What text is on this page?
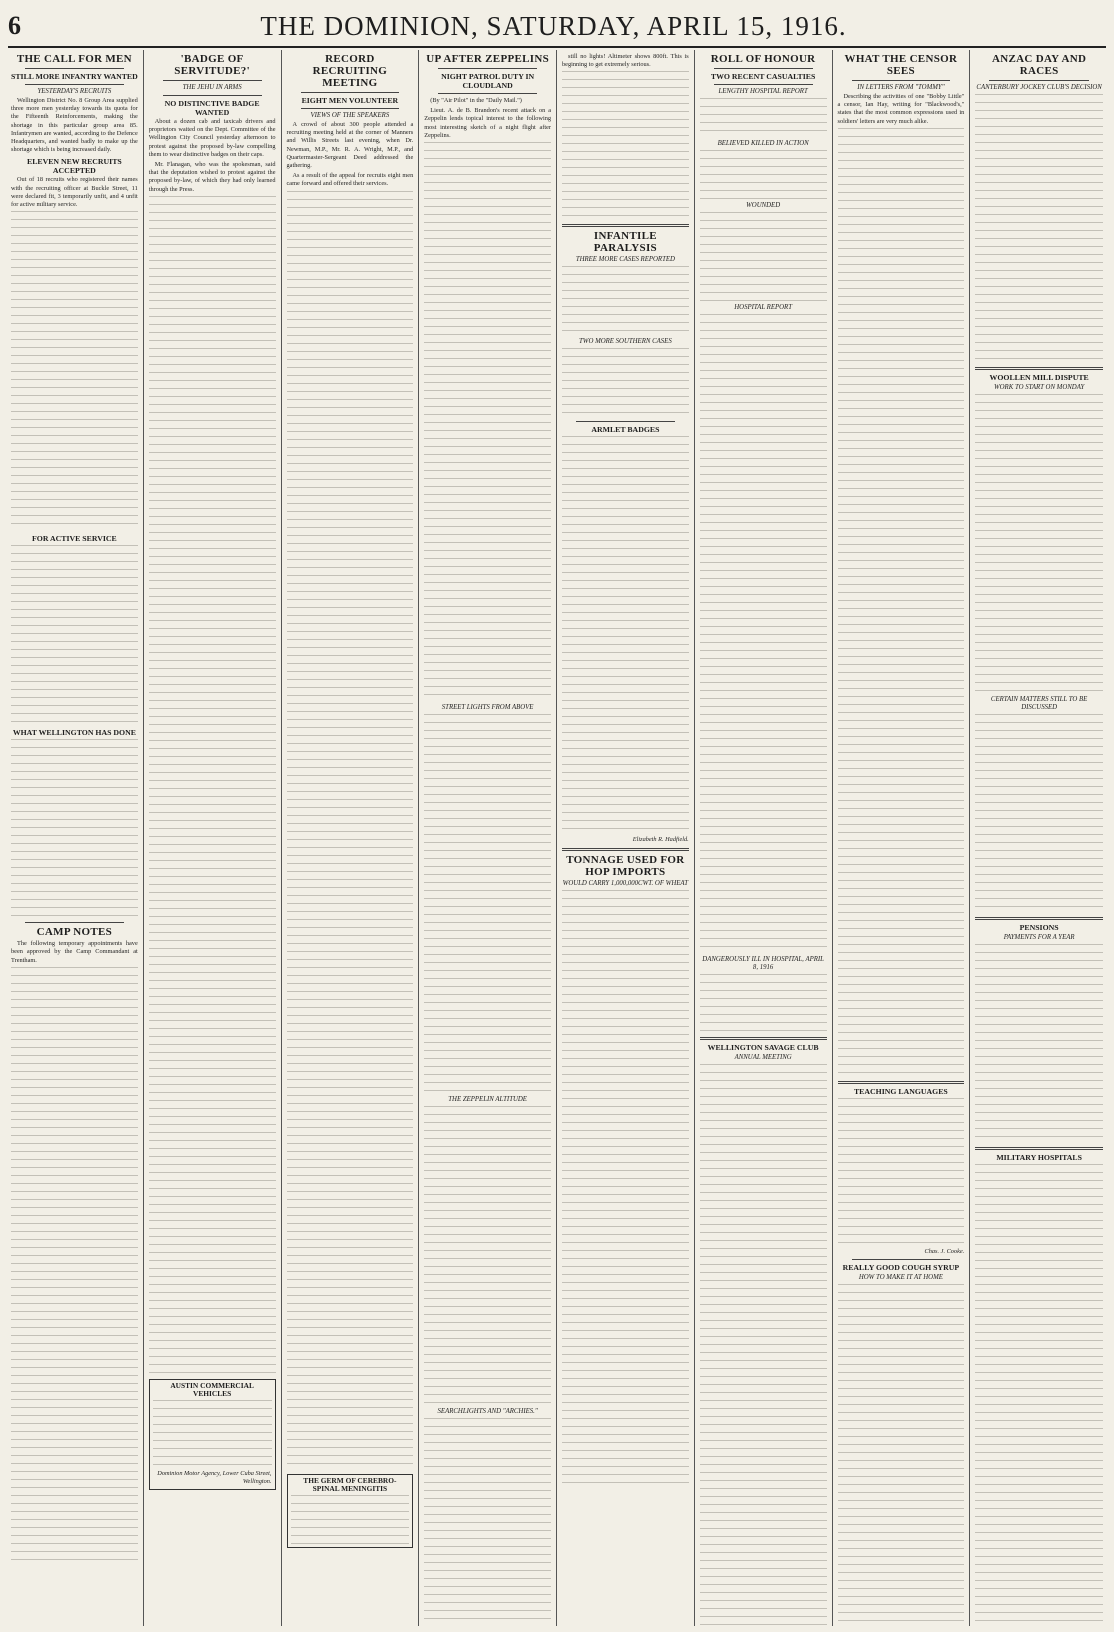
6	THE DOMINION, SATURDAY, APRIL 15, 1916.
THE CALL FOR MEN
STILL MORE INFANTRY WANTED
YESTERDAY'S RECRUITS

Wellington District No. 8 Group Area supplied three more men yesterday towards its quota for the Fifteenth Reinforcements, making the shortage in this particular group area 85. Infantrymen are wanted, according to the Defence Headquarters, and wanted badly to make up the shortage which is being increased daily.

ELEVEN NEW RECRUITS ACCEPTED

Out of 18 recruits who registered their names with the recruiting officer at Buckle Street, 11 were declared fit, 3 temporarily unfit, and 4 unfit for active military service.

FOR ACTIVE SERVICE
WHAT WELLINGTON HAS DONE
CAMP NOTES

The following temporary appointments have been approved by the Camp Commandant at Trentham.

'BADGE OF SERVITUDE?'
THE JEHU IN ARMS
NO DISTINCTIVE BADGE WANTED

About a dozen cab and taxicab drivers and proprietors waited on the Dept. Committee of the Wellington City Council yesterday afternoon to protest against the proposed by-law compelling them to wear distinctive badges on their caps.

Mr. Flanagan, who was the spokesman, said that the deputation wished to protest against the proposed by-law, of which they had only learned through the Press.

AUSTIN COMMERCIAL VEHICLES
Dominion Motor Agency, Lower Cuba Street, Wellington.
RECORD RECRUITING MEETING
EIGHT MEN VOLUNTEER
VIEWS OF THE SPEAKERS

A crowd of about 300 people attended a recruiting meeting held at the corner of Manners and Willis Streets last evening, when Dr. Newman, M.P., Mr. R. A. Wright, M.P., and Quartermaster-Sergeant Deed addressed the gathering.

As a result of the appeal for recruits eight men came forward and offered their services.

THE GERM OF CEREBRO-SPINAL MENINGITIS
UP AFTER ZEPPELINS
NIGHT PATROL DUTY IN CLOUDLAND

(By "Air Pilot" in the "Daily Mail.")

Lieut. A. de B. Brandon's recent attack on a Zeppelin lends topical interest to the following most interesting sketch of a night flight after Zeppelins.

STREET LIGHTS FROM ABOVE
THE ZEPPELIN ALTITUDE
SEARCHLIGHTS AND "ARCHIES."

still no lights! Altimeter shows 800ft. This is beginning to get extremely serious.

INFANTILE PARALYSIS
THREE MORE CASES REPORTED
TWO MORE SOUTHERN CASES
ARMLET BADGES
Elizabeth R. Hadfield.
TONNAGE USED FOR HOP IMPORTS
WOULD CARRY 1,000,000CWT. OF WHEAT
ROLL OF HONOUR
TWO RECENT CASUALTIES
LENGTHY HOSPITAL REPORT
BELIEVED KILLED IN ACTION
WOUNDED
HOSPITAL REPORT
DANGEROUSLY ILL IN HOSPITAL, APRIL 8, 1916
WELLINGTON SAVAGE CLUB
ANNUAL MEETING
WHAT THE CENSOR SEES
IN LETTERS FROM "TOMMY"

Describing the activities of one "Bobby Little" a censor, Ian Hay, writing for "Blackwood's," states that the most common expressions used in soldiers' letters are very much alike.

TEACHING LANGUAGES
Chas. J. Cooke.
REALLY GOOD COUGH SYRUP
HOW TO MAKE IT AT HOME
ANZAC DAY AND RACES
CANTERBURY JOCKEY CLUB'S DECISION
WOOLLEN MILL DISPUTE
WORK TO START ON MONDAY
CERTAIN MATTERS STILL TO BE DISCUSSED
PENSIONS
PAYMENTS FOR A YEAR
MILITARY HOSPITALS
